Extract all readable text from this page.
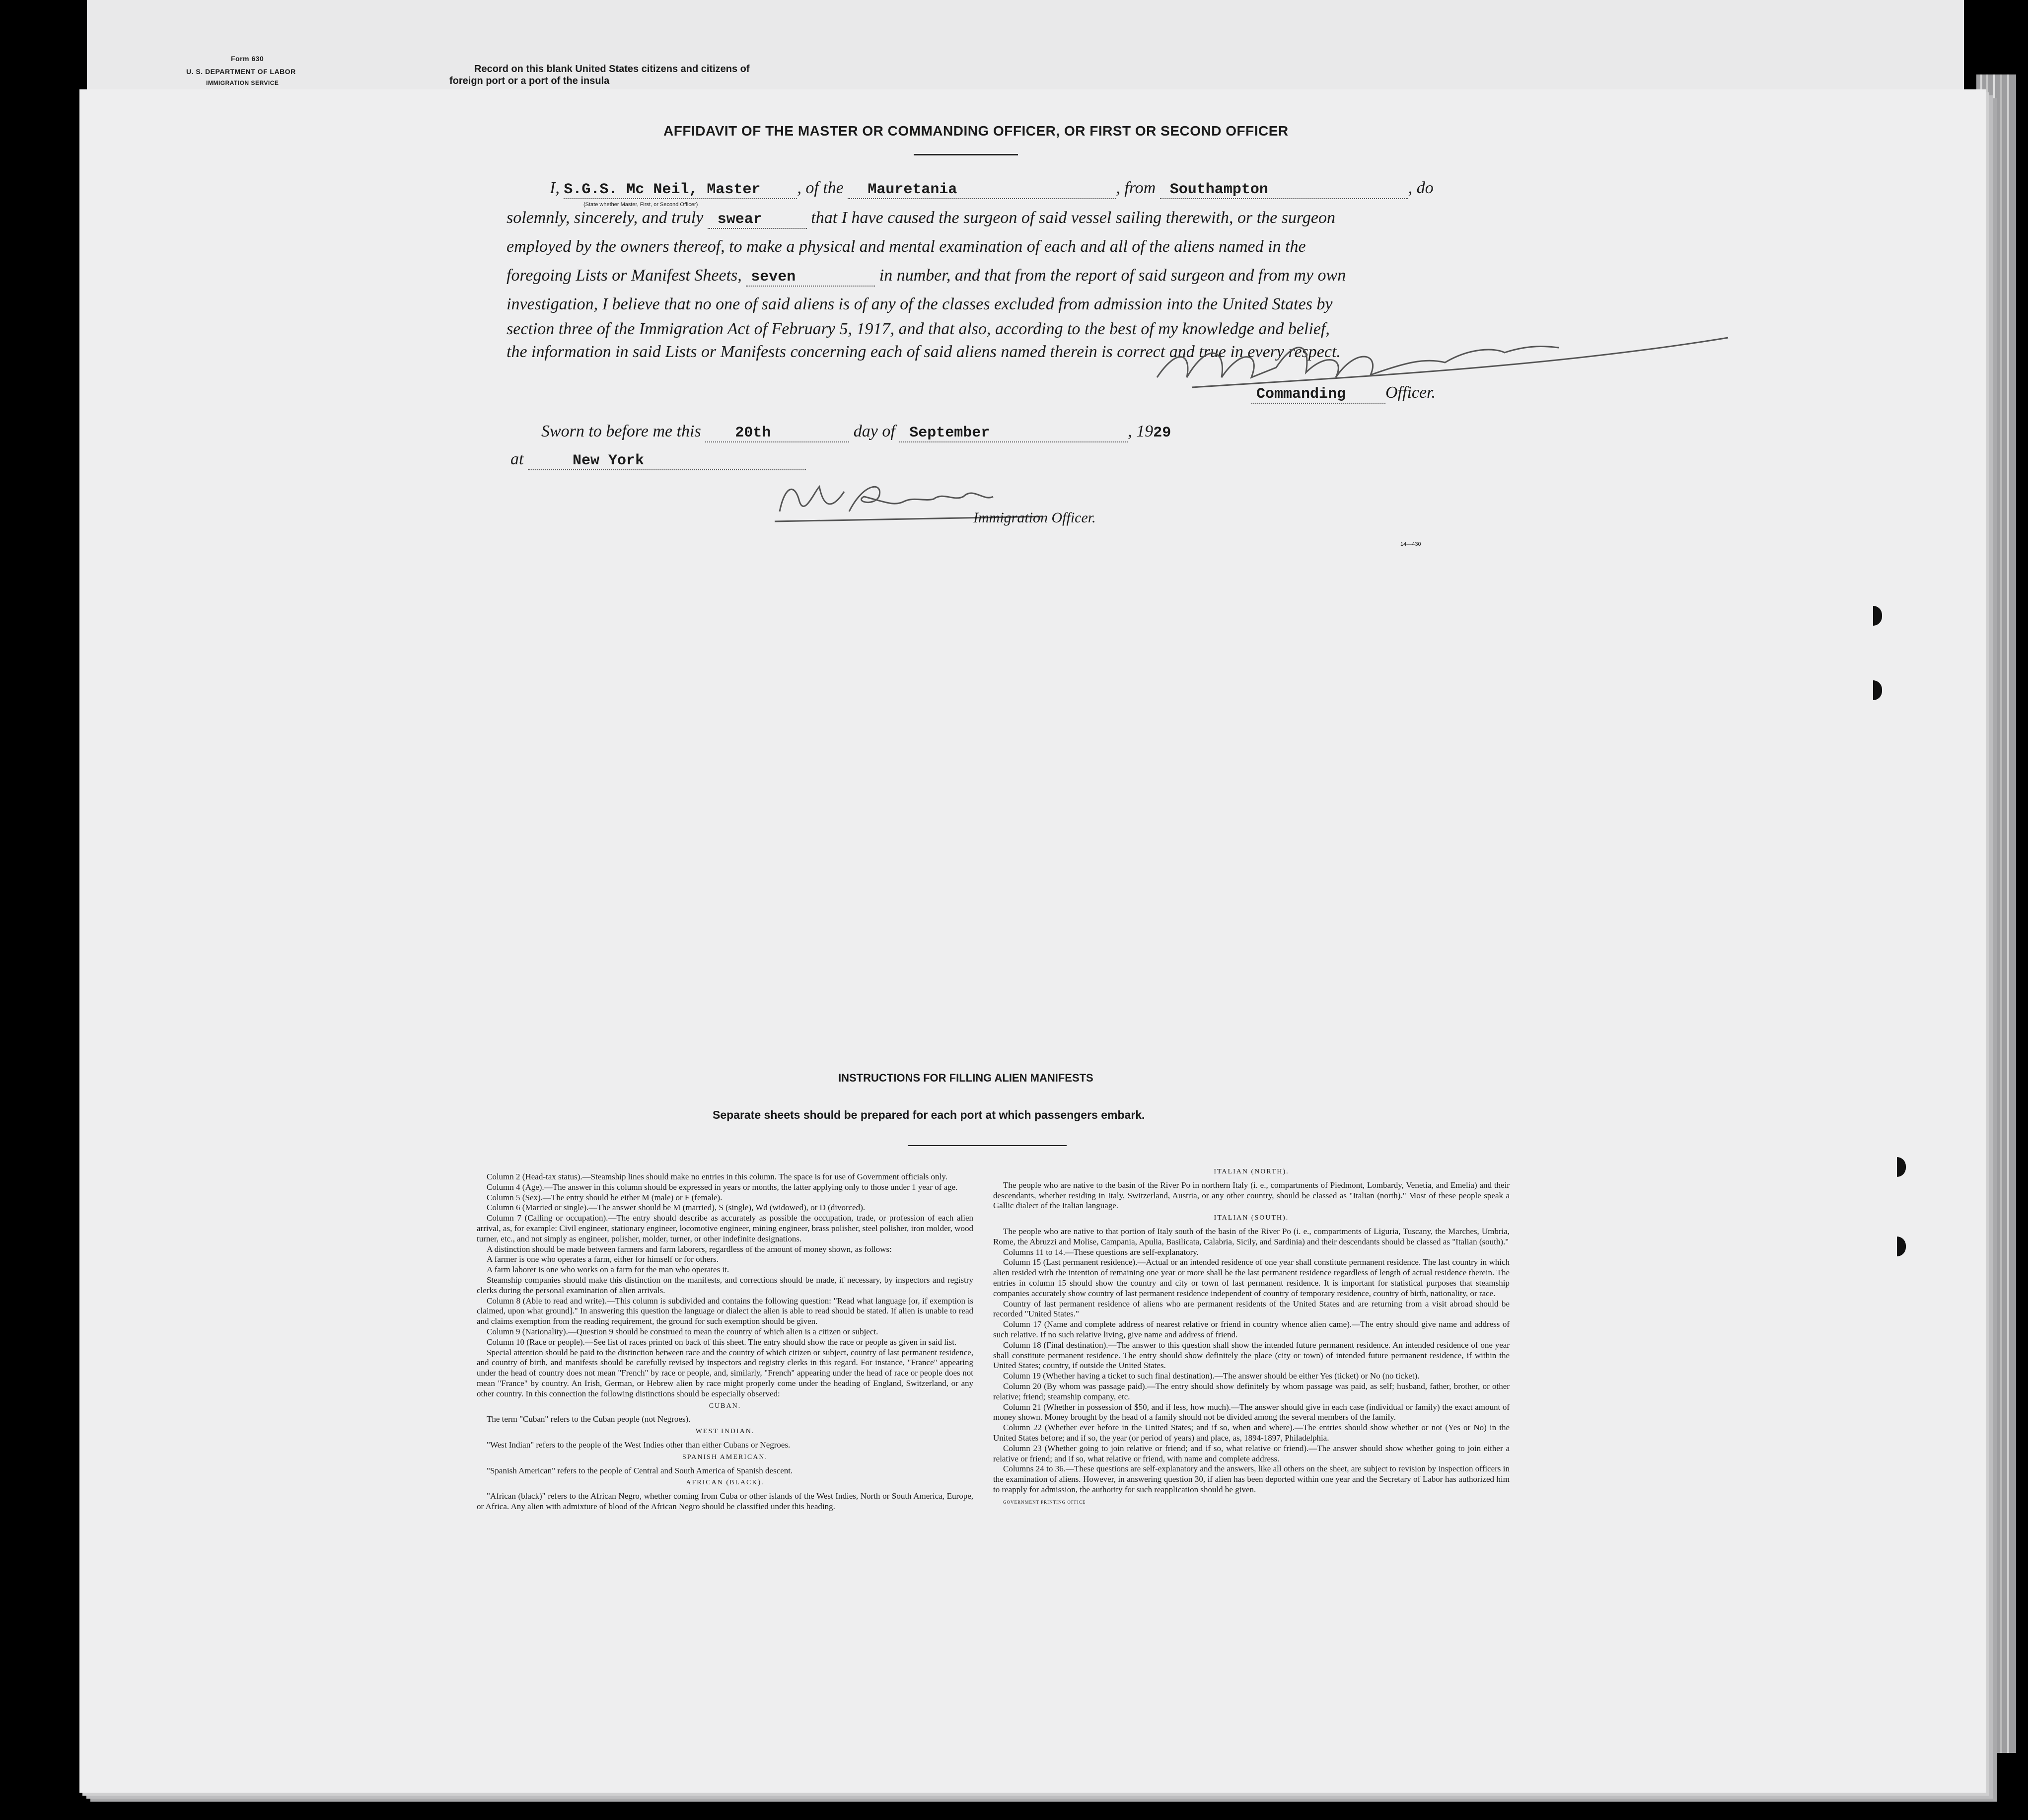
Form 630
U. S. DEPARTMENT OF LABOR
IMMIGRATION SERVICE
Record on this blank United States citizens and citizens of
foreign port or a port of the insula
AFFIDAVIT OF THE MASTER OR COMMANDING OFFICER, OR FIRST OR SECOND OFFICER
I, S.G.S. Mc Neil, Master , of the Mauretania	, from Southampton	, do
(State whether Master, First, or Second Officer)
solemnly, sincerely, and truly swear	that I have caused the surgeon of said vessel sailing therewith, or the surgeon
employed by the owners thereof, to make a physical and mental examination of each and all of the aliens named in the
foregoing Lists or Manifest Sheets, seven	in number, and that from the report of said surgeon and from my own
investigation, I believe that no one of said aliens is of any of the classes excluded from admission into the United States by
section three of the Immigration Act of February 5, 1917, and that also, according to the best of my knowledge and belief,
the information in said Lists or Manifests concerning each of said aliens named therein is correct and true in every respect.
Commanding Officer.
Sworn to before me this 20th	day of September	, 1929
at	New York
Immigration Officer.
14—430
INSTRUCTIONS FOR FILLING ALIEN MANIFESTS
Separate sheets should be prepared for each port at which passengers embark.

Column 2 (Head-tax status).—Steamship lines should make no entries in this column. The space is for use of Government officials only.

Column 4 (Age).—The answer in this column should be expressed in years or months, the latter applying only to those under 1 year of age.

Column 5 (Sex).—The entry should be either M (male) or F (female).

Column 6 (Married or single).—The answer should be M (married), S (single), Wd (widowed), or D (divorced).

Column 7 (Calling or occupation).—The entry should describe as accurately as possible the occupation, trade, or profession of each alien arrival, as, for example: Civil engineer, stationary engineer, locomotive engineer, mining engineer, brass polisher, steel polisher, iron molder, wood turner, etc., and not simply as engineer, polisher, molder, turner, or other indefinite designations.

A distinction should be made between farmers and farm laborers, regardless of the amount of money shown, as follows:

A farmer is one who operates a farm, either for himself or for others.

A farm laborer is one who works on a farm for the man who operates it.

Steamship companies should make this distinction on the manifests, and corrections should be made, if necessary, by inspectors and registry clerks during the personal examination of alien arrivals.

Column 8 (Able to read and write).—This column is subdivided and contains the following question: "Read what language [or, if exemption is claimed, upon what ground]." In answering this question the language or dialect the alien is able to read should be stated. If alien is unable to read and claims exemption from the reading requirement, the ground for such exemption should be given.

Column 9 (Nationality).—Question 9 should be construed to mean the country of which alien is a citizen or subject.

Column 10 (Race or people).—See list of races printed on back of this sheet. The entry should show the race or people as given in said list.

Special attention should be paid to the distinction between race and the country of which citizen or subject, country of last permanent residence, and country of birth, and manifests should be carefully revised by inspectors and registry clerks in this regard. For instance, "France" appearing under the head of country does not mean "French" by race or people, and, similarly, "French" appearing under the head of race or people does not mean "France" by country. An Irish, German, or Hebrew alien by race might properly come under the heading of England, Switzerland, or any other country. In this connection the following distinctions should be especially observed:

CUBAN.

The term "Cuban" refers to the Cuban people (not Negroes).

WEST INDIAN.

"West Indian" refers to the people of the West Indies other than either Cubans or Negroes.

SPANISH AMERICAN.

"Spanish American" refers to the people of Central and South America of Spanish descent.

AFRICAN (BLACK).

"African (black)" refers to the African Negro, whether coming from Cuba or other islands of the West Indies, North or South America, Europe, or Africa. Any alien with admixture of blood of the African Negro should be classified under this heading.

ITALIAN (NORTH).

The people who are native to the basin of the River Po in northern Italy (i. e., compartments of Piedmont, Lombardy, Venetia, and Emelia) and their descendants, whether residing in Italy, Switzerland, Austria, or any other country, should be classed as "Italian (north)." Most of these people speak a Gallic dialect of the Italian language.

ITALIAN (SOUTH).

The people who are native to that portion of Italy south of the basin of the River Po (i. e., compartments of Liguria, Tuscany, the Marches, Umbria, Rome, the Abruzzi and Molise, Campania, Apulia, Basilicata, Calabria, Sicily, and Sardinia) and their descendants should be classed as "Italian (south)."

Columns 11 to 14.—These questions are self-explanatory.

Column 15 (Last permanent residence).—Actual or an intended residence of one year shall constitute permanent residence. The last country in which alien resided with the intention of remaining one year or more shall be the last permanent residence regardless of length of actual residence therein. The entries in column 15 should show the country and city or town of last permanent residence. It is important for statistical purposes that steamship companies accurately show country of last permanent residence independent of country of temporary residence, country of birth, nationality, or race.

Country of last permanent residence of aliens who are permanent residents of the United States and are returning from a visit abroad should be recorded "United States."

Column 17 (Name and complete address of nearest relative or friend in country whence alien came).—The entry should give name and address of such relative. If no such relative living, give name and address of friend.

Column 18 (Final destination).—The answer to this question shall show the intended future permanent residence. An intended residence of one year shall constitute permanent residence. The entry should show definitely the place (city or town) of intended future permanent residence, if within the United States; country, if outside the United States.

Column 19 (Whether having a ticket to such final destination).—The answer should be either Yes (ticket) or No (no ticket).

Column 20 (By whom was passage paid).—The entry should show definitely by whom passage was paid, as self; husband, father, brother, or other relative; friend; steamship company, etc.

Column 21 (Whether in possession of $50, and if less, how much).—The answer should give in each case (individual or family) the exact amount of money shown. Money brought by the head of a family should not be divided among the several members of the family.

Column 22 (Whether ever before in the United States; and if so, when and where).—The entries should show whether or not (Yes or No) in the United States before; and if so, the year (or period of years) and place, as, 1894-1897, Philadelphia.

Column 23 (Whether going to join relative or friend; and if so, what relative or friend).—The answer should show whether going to join either a relative or friend; and if so, what relative or friend, with name and complete address.

Columns 24 to 36.—These questions are self-explanatory and the answers, like all others on the sheet, are subject to revision by inspection officers in the examination of aliens. However, in answering question 30, if alien has been deported within one year and the Secretary of Labor has authorized him to reapply for admission, the authority for such reapplication should be given.

GOVERNMENT PRINTING OFFICE
